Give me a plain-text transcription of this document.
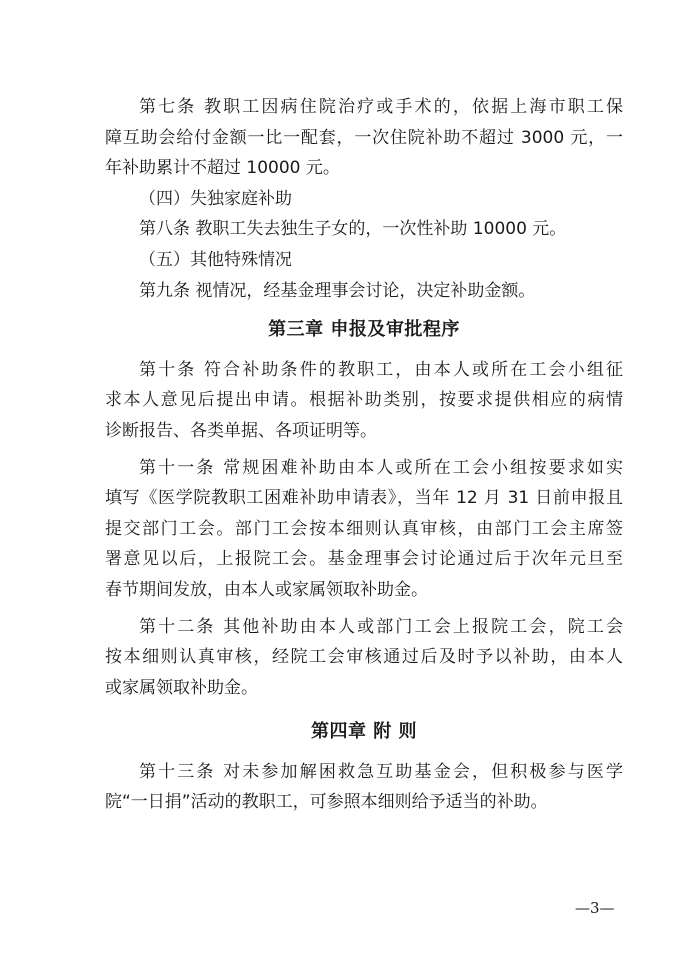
第七条 教职工因病住院治疗或手术的，依据上海市职工保
障互助会给付金额一比一配套，一次住院补助不超过 3000 元，一
年补助累计不超过 10000 元。
（四）失独家庭补助
第八条 教职工失去独生子女的，一次性补助 10000 元。
（五）其他特殊情况
第九条 视情况，经基金理事会讨论，决定补助金额。
第三章 申报及审批程序
第十条 符合补助条件的教职工，由本人或所在工会小组征
求本人意见后提出申请。根据补助类别，按要求提供相应的病情
诊断报告、各类单据、各项证明等。
第十一条 常规困难补助由本人或所在工会小组按要求如实
填写《医学院教职工困难补助申请表》，当年 12 月 31 日前申报且
提交部门工会。部门工会按本细则认真审核，由部门工会主席签
署意见以后，上报院工会。基金理事会讨论通过后于次年元旦至
春节期间发放，由本人或家属领取补助金。
第十二条 其他补助由本人或部门工会上报院工会，院工会
按本细则认真审核，经院工会审核通过后及时予以补助，由本人
或家属领取补助金。
第四章 附 则
第十三条 对未参加解困救急互助基金会，但积极参与医学
院“一日捐”活动的教职工，可参照本细则给予适当的补助。
—3—
